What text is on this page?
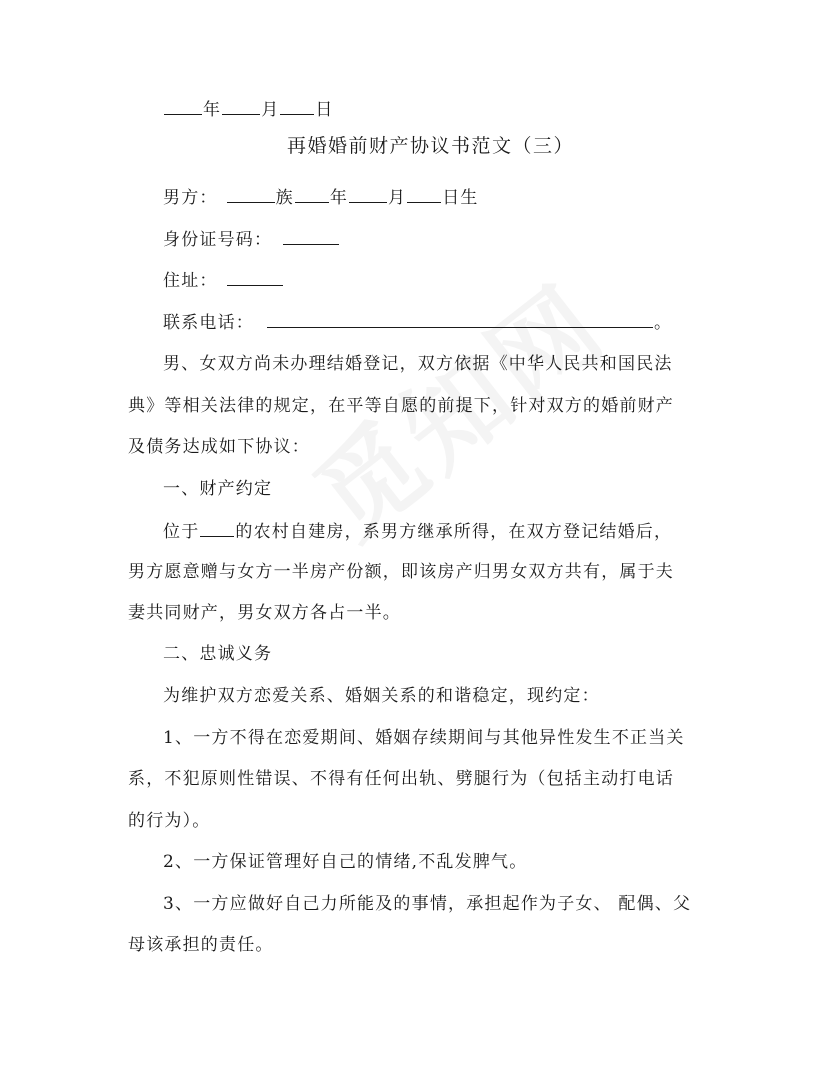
年 月 日
再婚婚前财产协议书范文（三）
男方：	族 年 月 日生
身份证号码：
住址：
联系电话：	。
男、女双方尚未办理结婚登记，双方依据《中华人民共和国民法
典》等相关法律的规定，在平等自愿的前提下，针对双方的婚前财产
及债务达成如下协议：
一、财产约定
位于 的农村自建房，系男方继承所得，在双方登记结婚后，
男方愿意赠与女方一半房产份额，即该房产归男女双方共有，属于夫
妻共同财产，男女双方各占一半。
二、忠诚义务
为维护双方恋爱关系、婚姻关系的和谐稳定，现约定：
1、一方不得在恋爱期间、婚姻存续期间与其他异性发生不正当关
系，不犯原则性错误、不得有任何出轨、劈腿行为（包括主动打电话
的行为）。
2、一方保证管理好自己的情绪,不乱发脾气。
3、一方应做好自己力所能及的事情，承担起作为子女、 配偶、父
母该承担的责任。
